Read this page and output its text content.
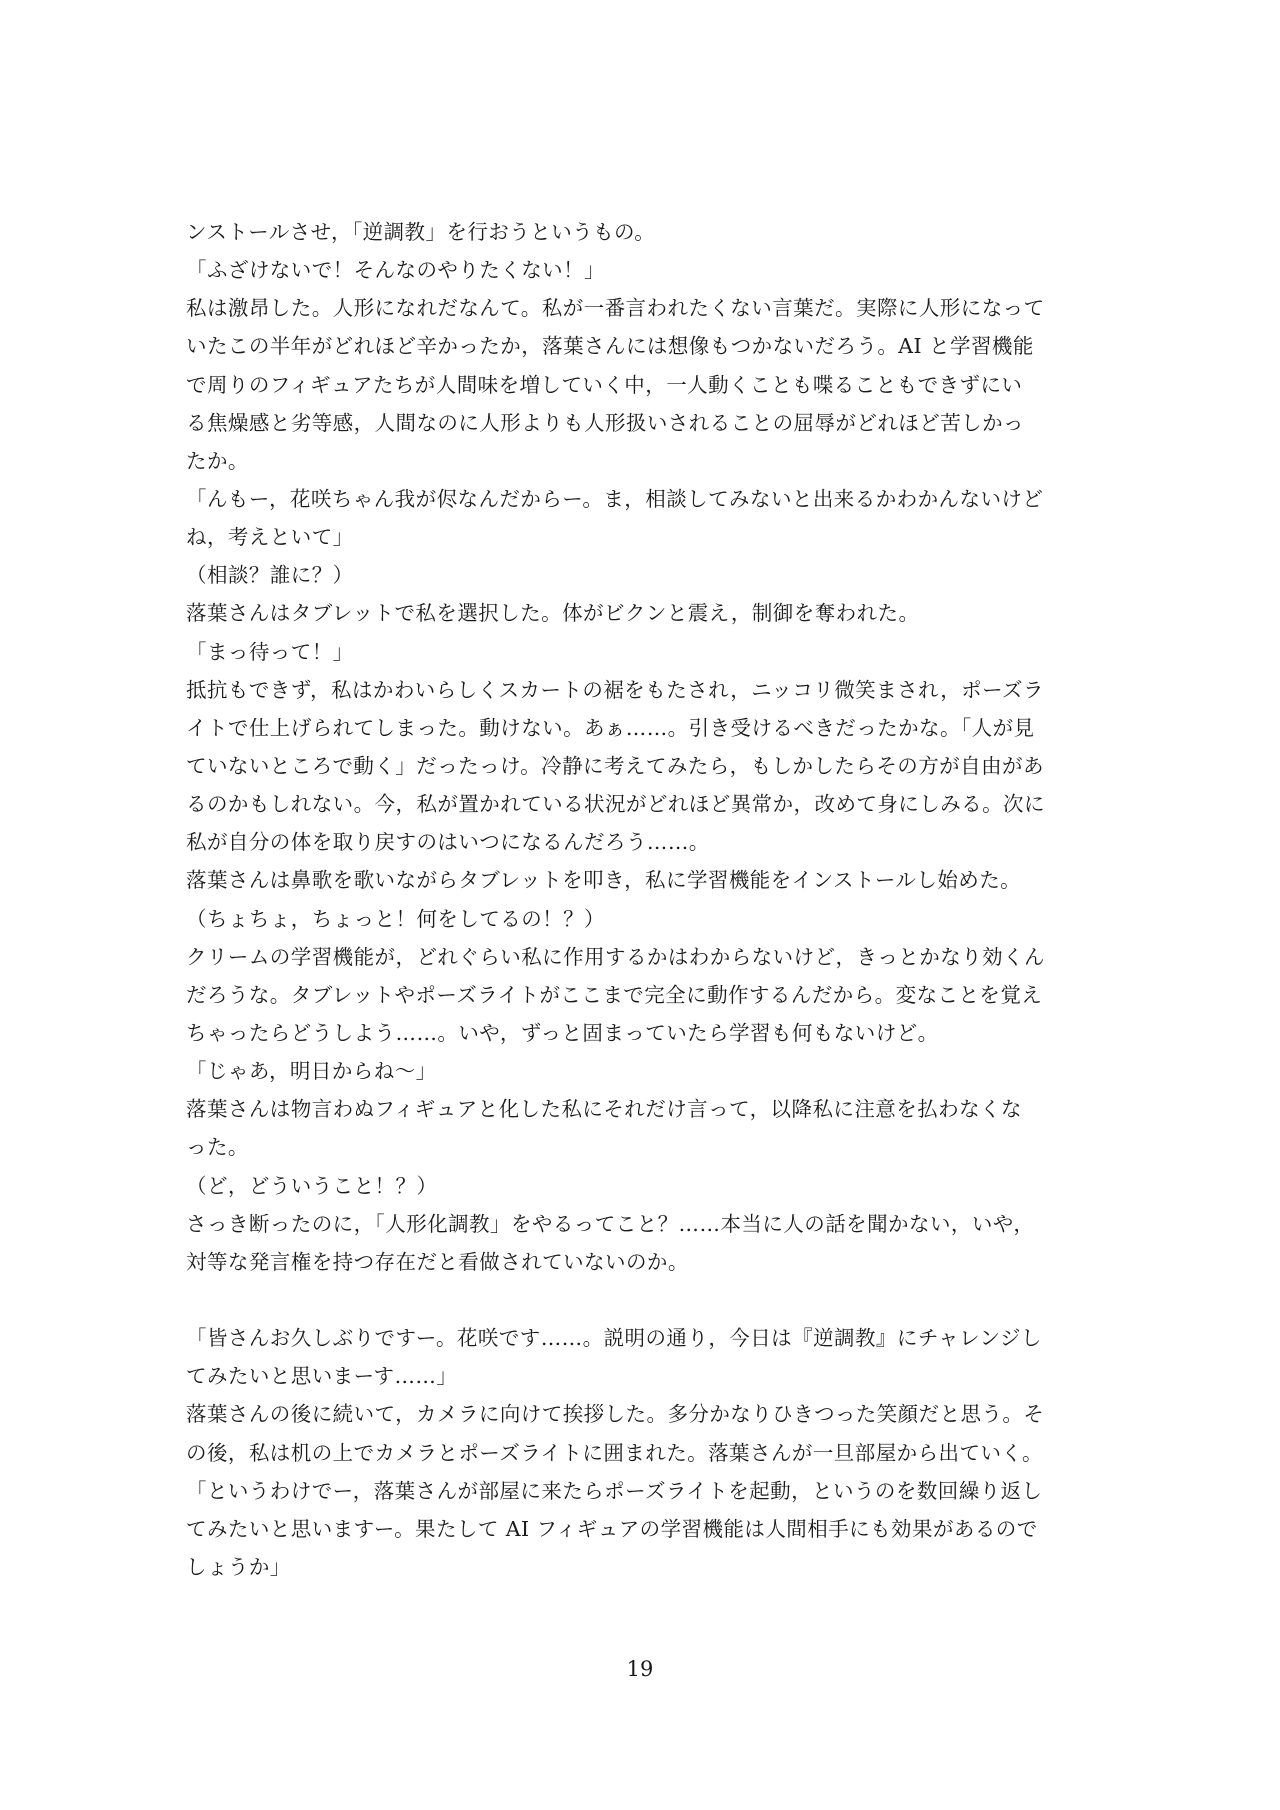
ンストールさせ，「逆調教」を行おうというもの。
「ふざけないで！そんなのやりたくない！」
私は激昂した。人形になれだなんて。私が一番言われたくない言葉だ。実際に人形になって
いたこの半年がどれほど辛かったか，落葉さんには想像もつかないだろう。AI と学習機能
で周りのフィギュアたちが人間味を増していく中，一人動くことも喋ることもできずにい
る焦燥感と劣等感，人間なのに人形よりも人形扱いされることの屈辱がどれほど苦しかっ
たか。
「んもー，花咲ちゃん我が侭なんだからー。ま，相談してみないと出来るかわかんないけど
ね，考えといて」
（相談？誰に？）
落葉さんはタブレットで私を選択した。体がビクンと震え，制御を奪われた。
「まっ待って！」
抵抗もできず，私はかわいらしくスカートの裾をもたされ，ニッコリ微笑まされ，ポーズラ
イトで仕上げられてしまった。動けない。あぁ……。引き受けるべきだったかな。「人が見
ていないところで動く」だったっけ。冷静に考えてみたら，もしかしたらその方が自由があ
るのかもしれない。今，私が置かれている状況がどれほど異常か，改めて身にしみる。次に
私が自分の体を取り戻すのはいつになるんだろう……。
落葉さんは鼻歌を歌いながらタブレットを叩き，私に学習機能をインストールし始めた。
（ちょちょ，ちょっと！何をしてるの！？）
クリームの学習機能が，どれぐらい私に作用するかはわからないけど，きっとかなり効くん
だろうな。タブレットやポーズライトがここまで完全に動作するんだから。変なことを覚え
ちゃったらどうしよう……。いや，ずっと固まっていたら学習も何もないけど。
「じゃあ，明日からね～」
落葉さんは物言わぬフィギュアと化した私にそれだけ言って，以降私に注意を払わなくな
った。
（ど，どういうこと！？）
さっき断ったのに，「人形化調教」をやるってこと？……本当に人の話を聞かない，いや，
対等な発言権を持つ存在だと看做されていないのか。
「皆さんお久しぶりですー。花咲です……。説明の通り，今日は『逆調教』にチャレンジし
てみたいと思いまーす……」
落葉さんの後に続いて，カメラに向けて挨拶した。多分かなりひきつった笑顔だと思う。そ
の後，私は机の上でカメラとポーズライトに囲まれた。落葉さんが一旦部屋から出ていく。
「というわけでー，落葉さんが部屋に来たらポーズライトを起動，というのを数回繰り返し
てみたいと思いますー。果たして AI フィギュアの学習機能は人間相手にも効果があるので
しょうか」
19
